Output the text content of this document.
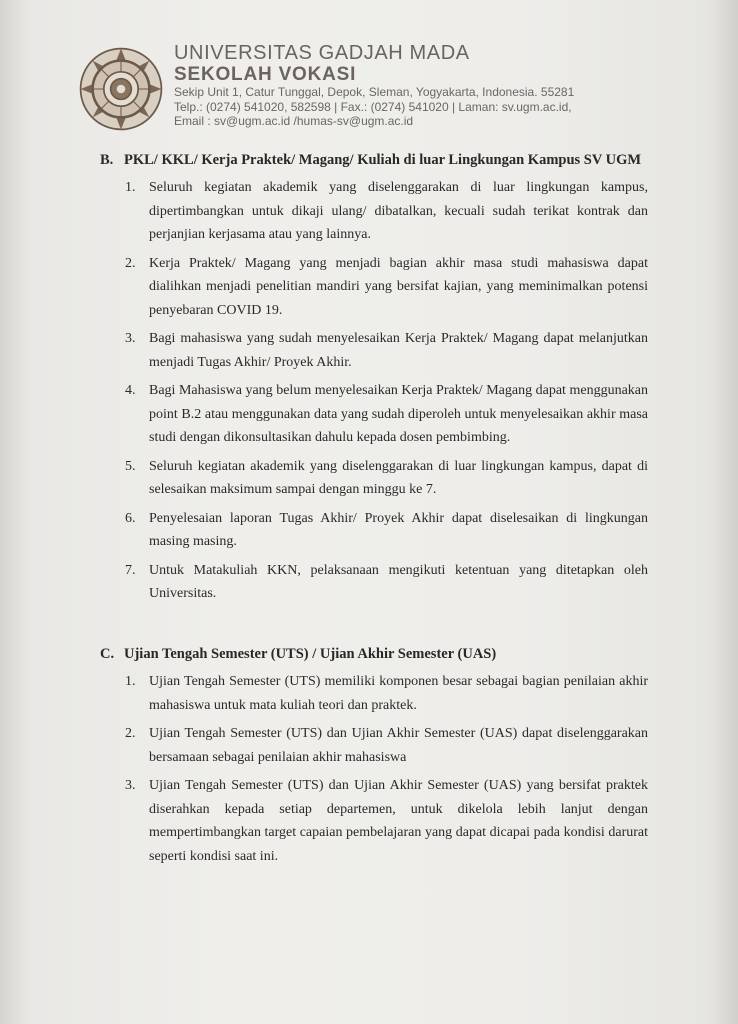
UNIVERSITAS GADJAH MADA
SEKOLAH VOKASI
Sekip Unit 1, Catur Tunggal, Depok, Sleman, Yogyakarta, Indonesia. 55281
Telp.: (0274) 541020, 582598 | Fax.: (0274) 541020 | Laman: sv.ugm.ac.id,
Email : sv@ugm.ac.id /humas-sv@ugm.ac.id
B. PKL/ KKL/ Kerja Praktek/ Magang/ Kuliah di luar Lingkungan Kampus SV UGM
1. Seluruh kegiatan akademik yang diselenggarakan di luar lingkungan kampus, dipertimbangkan untuk dikaji ulang/ dibatalkan, kecuali sudah terikat kontrak dan perjanjian kerjasama atau yang lainnya.
2. Kerja Praktek/ Magang yang menjadi bagian akhir masa studi mahasiswa dapat dialihkan menjadi penelitian mandiri yang bersifat kajian, yang meminimalkan potensi penyebaran COVID 19.
3. Bagi mahasiswa yang sudah menyelesaikan Kerja Praktek/ Magang dapat melanjutkan menjadi Tugas Akhir/ Proyek Akhir.
4. Bagi Mahasiswa yang belum menyelesaikan Kerja Praktek/ Magang dapat menggunakan point B.2 atau menggunakan data yang sudah diperoleh untuk menyelesaikan akhir masa studi dengan dikonsultasikan dahulu kepada dosen pembimbing.
5. Seluruh kegiatan akademik yang diselenggarakan di luar lingkungan kampus, dapat di selesaikan maksimum sampai dengan minggu ke 7.
6. Penyelesaian laporan Tugas Akhir/ Proyek Akhir dapat diselesaikan di lingkungan masing masing.
7. Untuk Matakuliah KKN, pelaksanaan mengikuti ketentuan yang ditetapkan oleh Universitas.
C. Ujian Tengah Semester (UTS) / Ujian Akhir Semester (UAS)
1. Ujian Tengah Semester (UTS) memiliki komponen besar sebagai bagian penilaian akhir mahasiswa untuk mata kuliah teori dan praktek.
2. Ujian Tengah Semester (UTS) dan Ujian Akhir Semester (UAS) dapat diselenggarakan bersamaan sebagai penilaian akhir mahasiswa
3. Ujian Tengah Semester (UTS) dan Ujian Akhir Semester (UAS) yang bersifat praktek diserahkan kepada setiap departemen, untuk dikelola lebih lanjut dengan mempertimbangkan target capaian pembelajaran yang dapat dicapai pada kondisi darurat seperti kondisi saat ini.
